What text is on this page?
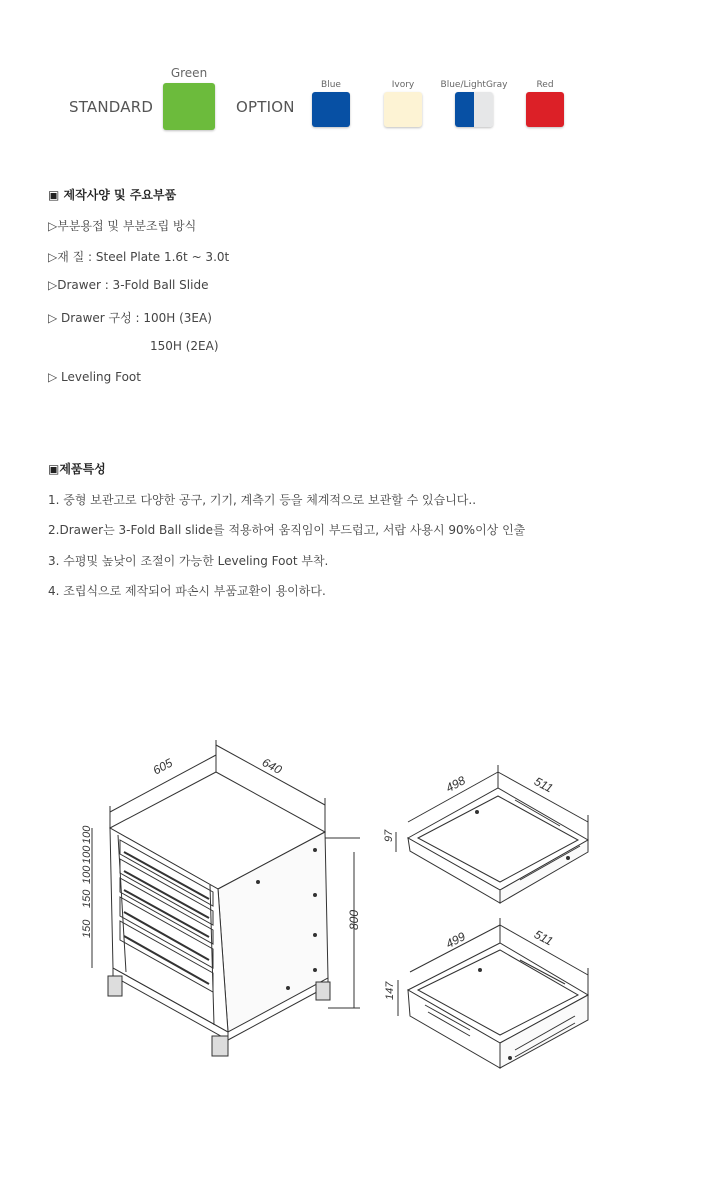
STANDARD
Green
OPTION
Blue	Ivory	Blue/LightGray	Red
▣ 제작사양 및 주요부품
▷부분용접 및 부분조립 방식
▷재 질 : Steel Plate 1.6t ~ 3.0t
▷Drawer : 3-Fold Ball Slide
▷ Drawer 구성 : 100H (3EA)
150H (2EA)
▷ Leveling Foot
▣제품특성
1. 중형 보관고로 다양한 공구, 기기, 계측기 등을 체계적으로 보관할 수 있습니다..
2.Drawer는 3-Fold Ball slide를 적용하여 움직임이 부드럽고, 서랍 사용시 90%이상 인출
3. 수평및 높낮이 조절이 가능한 Leveling Foot 부착.
4. 조립식으로 제작되어 파손시 부품교환이 용이하다.
605	640
800
100
100
100
150
150
498	511
97
499	511
147
